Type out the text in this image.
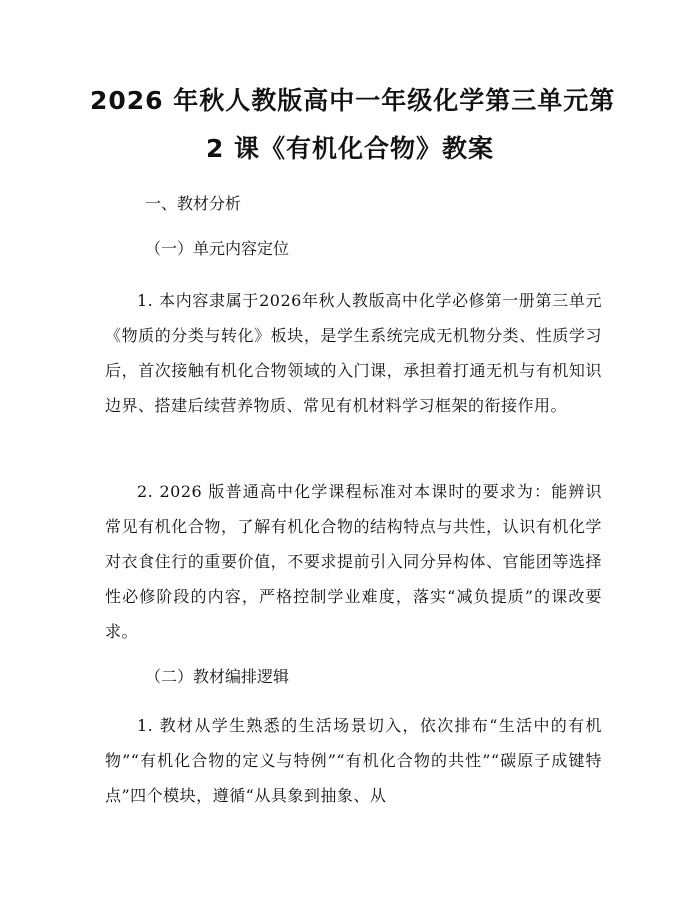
2026 年秋人教版高中一年级化学第三单元第
2 课《有机化合物》教案
一、教材分析
（一）单元内容定位
1. 本内容隶属于2026年秋人教版高中化学必修第一册第三单元《物质的分类与转化》板块，是学生系统完成无机物分类、性质学习后，首次接触有机化合物领域的入门课，承担着打通无机与有机知识边界、搭建后续营养物质、常见有机材料学习框架的衔接作用。
2. 2026 版普通高中化学课程标准对本课时的要求为：能辨识常见有机化合物，了解有机化合物的结构特点与共性，认识有机化学对衣食住行的重要价值，不要求提前引入同分异构体、官能团等选择性必修阶段的内容，严格控制学业难度，落实“减负提质”的课改要求。
（二）教材编排逻辑
1. 教材从学生熟悉的生活场景切入，依次排布“生活中的有机物”“有机化合物的定义与特例”“有机化合物的共性”“碳原子成键特点”四个模块，遵循“从具象到抽象、从
